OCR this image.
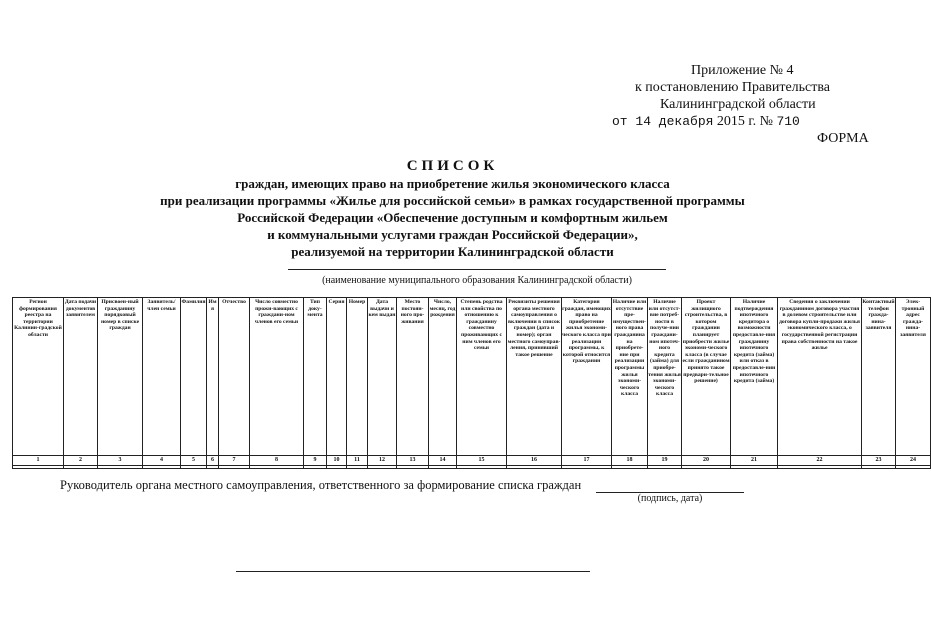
Приложение № 4
к постановлению Правительства
Калининградской области
от 14 декабря 2015 г. № 710
ФОРМА
СПИСОК
граждан, имеющих право на приобретение жилья экономического класса
при реализации программы «Жилье для российской семьи» в рамках государственной программы
Российской Федерации «Обеспечение доступным и комфортным жильем
и коммунальными услугами граждан Российской Федерации»,
реализуемой на территории Калининградской области
(наименование муниципального образования Калининградской области)
Регион формирования реестра на территории Калинин-градской области	Дата подачи документов заявителем	Присвоен-ный гражданину порядковый номер в списке граждан	Заявитель/член семьи	Фамилия	Имя	Отчество	Число совместно прожи-вающих с граждани-ном членов его семьи	Тип доку-мента	Серия	Номер	Дата выдачи и кем выдан	Место постоян-ного про-живания	Число, месяц, год рождения	Степень родства или свойства по отношению к гражданину совместно проживающих с ним членов его семьи	Реквизиты решения органа местного самоуправления о включении в список граждан (дата и номер); орган местного самоуправ-ления, принявший такое решение	Категория граждан, имеющих право на приобретение жилья экономи-ческого класса при реализации программы, к которой относится гражданин	Наличие или отсутствие пре-имуществен-ного права гражданина на приобрете-ние при реализации программы жилья экономи-ческого класса	Наличие или отсутст-вие потреб-ности в получе-нии граждани-ном ипотеч-ного кредита (займа) для приобре-тения жилья экономи-ческого класса	Проект жилищного строительства, в котором гражданин планирует приобрести жилье экономи-ческого класса (в случае если гражданином принято такое предвари-тельное решение)	Наличие подтверждения ипотечного кредитора о возможности предоставле-ния гражданину ипотечного кредита (займа) или отказ в предоставле-нии ипотечного кредита (займа)	Сведения о заключении гражданином договора участия в долевом строительстве или договора купли-продажи жилья экономического класса, о государственной регистрации права собственности на такое жилье	Контактный телефон гражда-нина-заявителя	Элек-тронный адрес гражда-нина-заявителя
1	2	3	4	5	6	7	8	9	10	11	12	13	14	15	16	17	18	19	20	21	22	23	24

Руководитель органа местного самоуправления, ответственного за формирование списка граждан
(подпись, дата)
